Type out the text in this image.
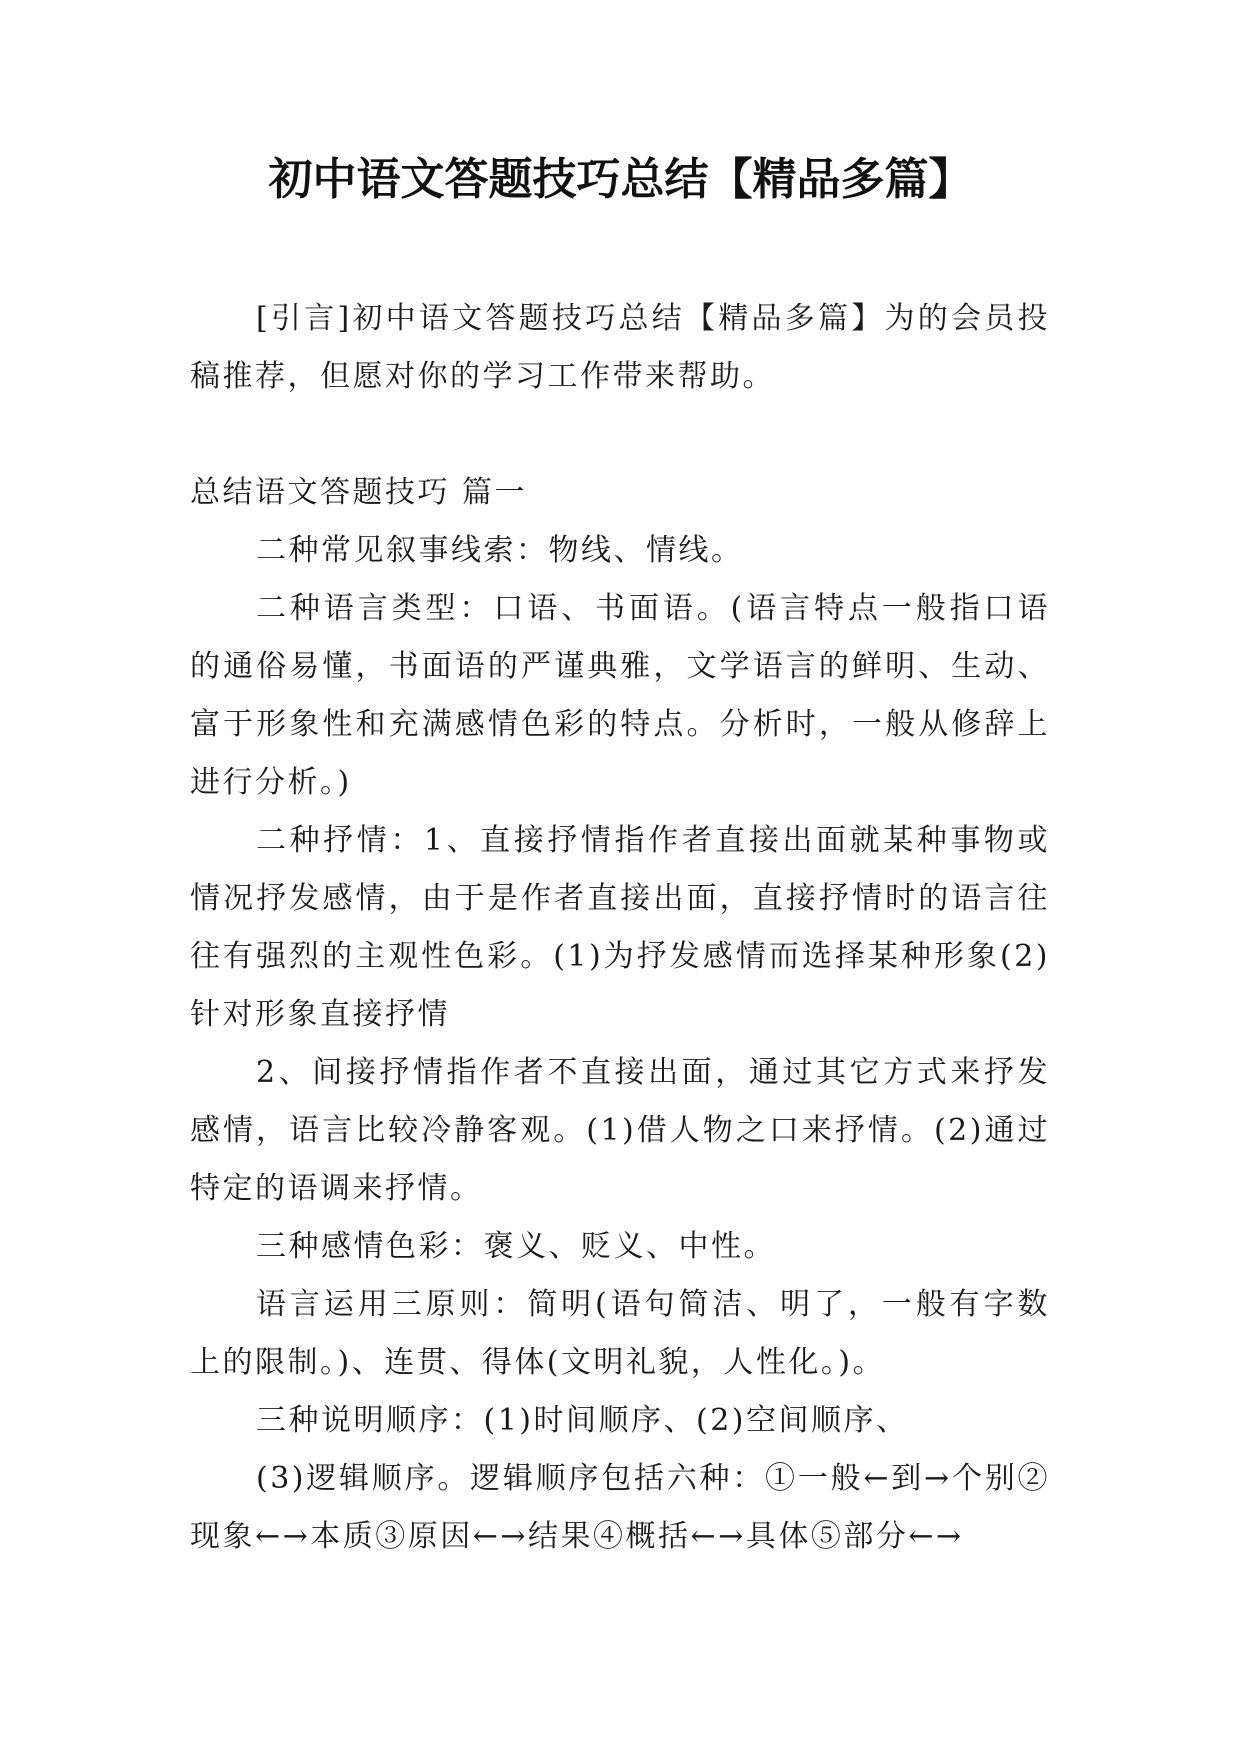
初中语文答题技巧总结【精品多篇】

[引言]初中语文答题技巧总结【精品多篇】为的会员投稿推荐，但愿对你的学习工作带来帮助。

总结语文答题技巧 篇一

二种常见叙事线索：物线、情线。

二种语言类型：口语、书面语。(语言特点一般指口语的通俗易懂，书面语的严谨典雅，文学语言的鲜明、生动、富于形象性和充满感情色彩的特点。分析时，一般从修辞上进行分析。)

二种抒情：1、直接抒情指作者直接出面就某种事物或情况抒发感情，由于是作者直接出面，直接抒情时的语言往往有强烈的主观性色彩。(1)为抒发感情而选择某种形象(2)针对形象直接抒情

2、间接抒情指作者不直接出面，通过其它方式来抒发感情，语言比较冷静客观。(1)借人物之口来抒情。(2)通过特定的语调来抒情。

三种感情色彩：褒义、贬义、中性。

语言运用三原则：简明(语句简洁、明了，一般有字数上的限制。)、连贯、得体(文明礼貌，人性化。)。

三种说明顺序：(1)时间顺序、(2)空间顺序、

(3)逻辑顺序。逻辑顺序包括六种：①一般←到→个别②现象←→本质③原因←→结果④概括←→具体⑤部分←→
